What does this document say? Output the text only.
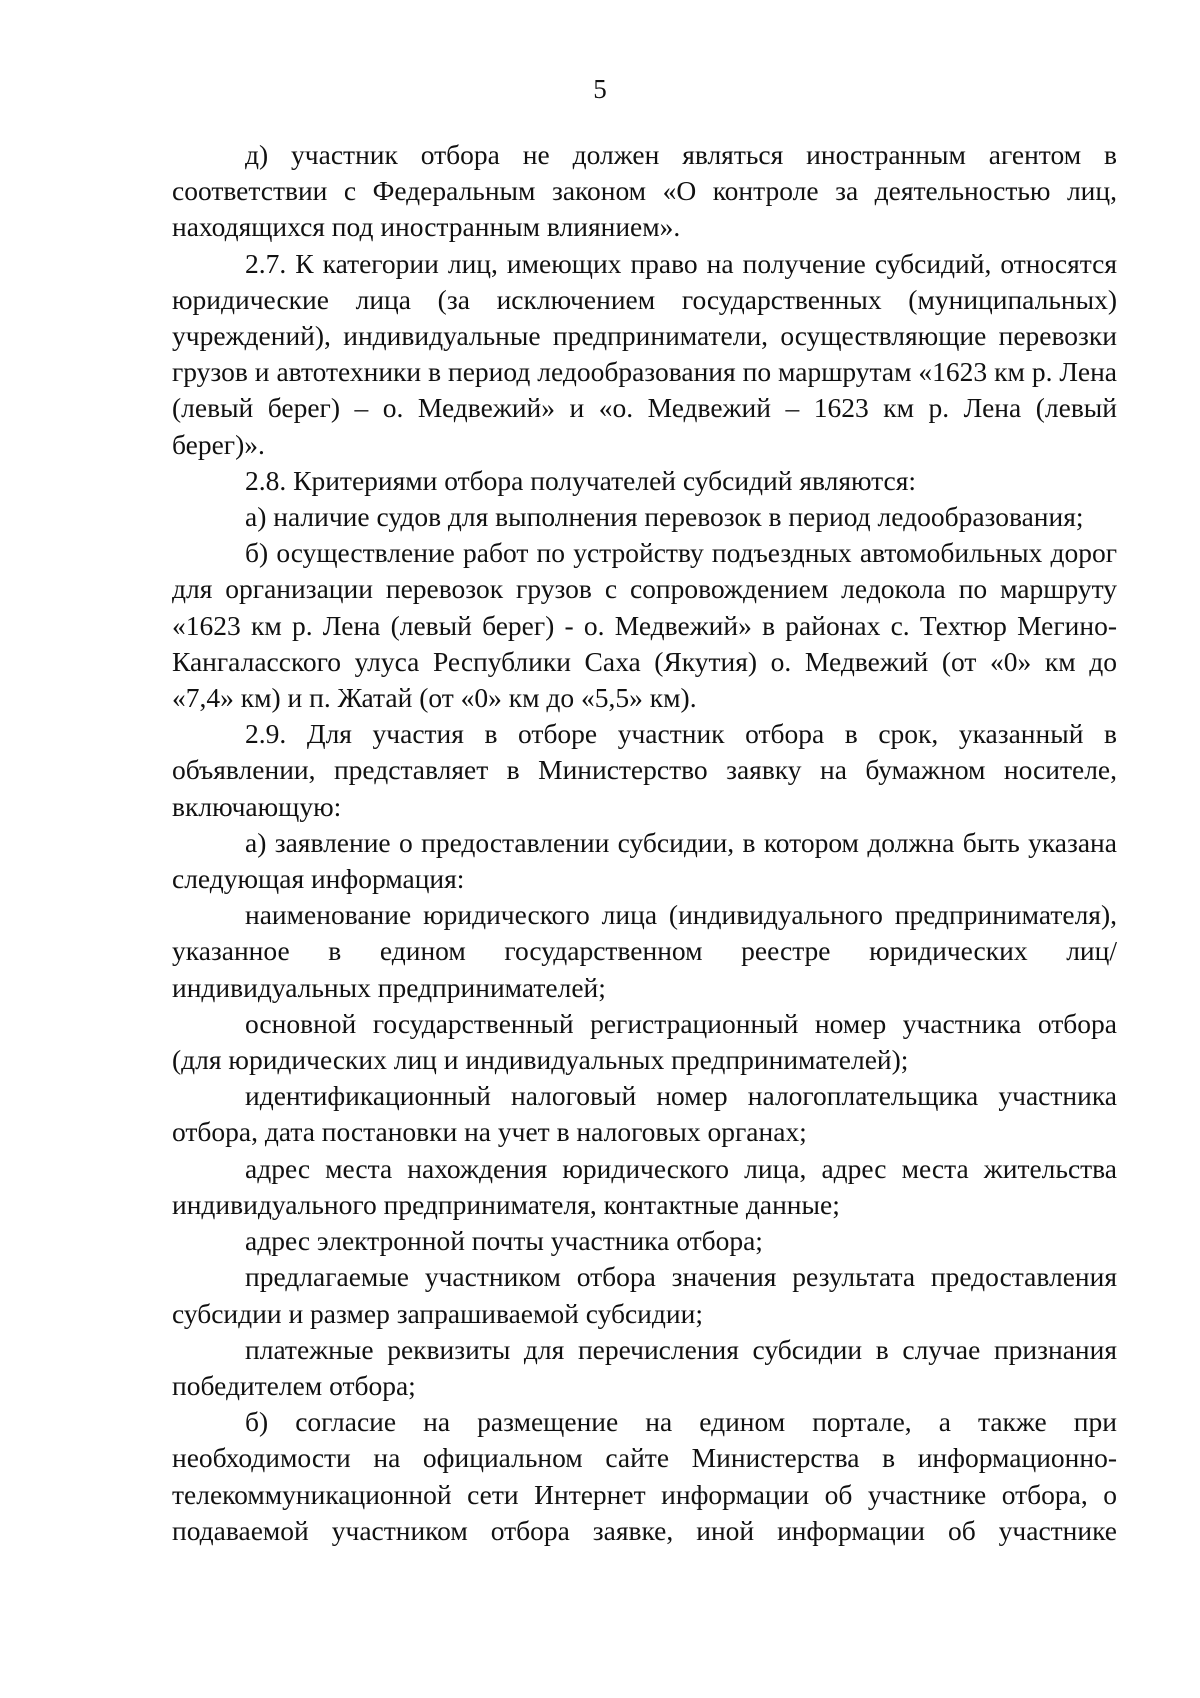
5

д) участник отбора не должен являться иностранным агентом в соответствии с Федеральным законом «О контроле за деятельностью лиц, находящихся под иностранным влиянием».

2.7. К категории лиц, имеющих право на получение субсидий, относятся юридические лица (за исключением государственных (муниципальных) учреждений), индивидуальные предприниматели, осуществляющие перевозки грузов и автотехники в период ледообразования по маршрутам «1623 км р. Лена (левый берег) – о. Медвежий» и «о. Медвежий – 1623 км р. Лена (левый берег)».

2.8. Критериями отбора получателей субсидий являются:

а) наличие судов для выполнения перевозок в период ледообразования;

б) осуществление работ по устройству подъездных автомобильных дорог для организации перевозок грузов с сопровождением ледокола по маршруту «1623 км р. Лена (левый берег) - о. Медвежий» в районах с. Техтюр Мегино-Кангаласского улуса Республики Саха (Якутия) о. Медвежий (от «0» км до «7,4» км) и п. Жатай (от «0» км до «5,5» км).

2.9. Для участия в отборе участник отбора в срок, указанный в объявлении, представляет в Министерство заявку на бумажном носителе, включающую:

а) заявление о предоставлении субсидии, в котором должна быть указана следующая информация:

наименование юридического лица (индивидуального предпринимателя), указанное в едином государственном реестре юридических лиц/индивидуальных предпринимателей;

основной государственный регистрационный номер участника отбора (для юридических лиц и индивидуальных предпринимателей);

идентификационный налоговый номер налогоплательщика участника отбора, дата постановки на учет в налоговых органах;

адрес места нахождения юридического лица, адрес места жительства индивидуального предпринимателя, контактные данные;

адрес электронной почты участника отбора;

предлагаемые участником отбора значения результата предоставления субсидии и размер запрашиваемой субсидии;

платежные реквизиты для перечисления субсидии в случае признания победителем отбора;

б) согласие на размещение на едином портале, а также при необходимости на официальном сайте Министерства в информационно-телекоммуникационной сети Интернет информации об участнике отбора, о подаваемой участником отбора заявке, иной информации об участнике
